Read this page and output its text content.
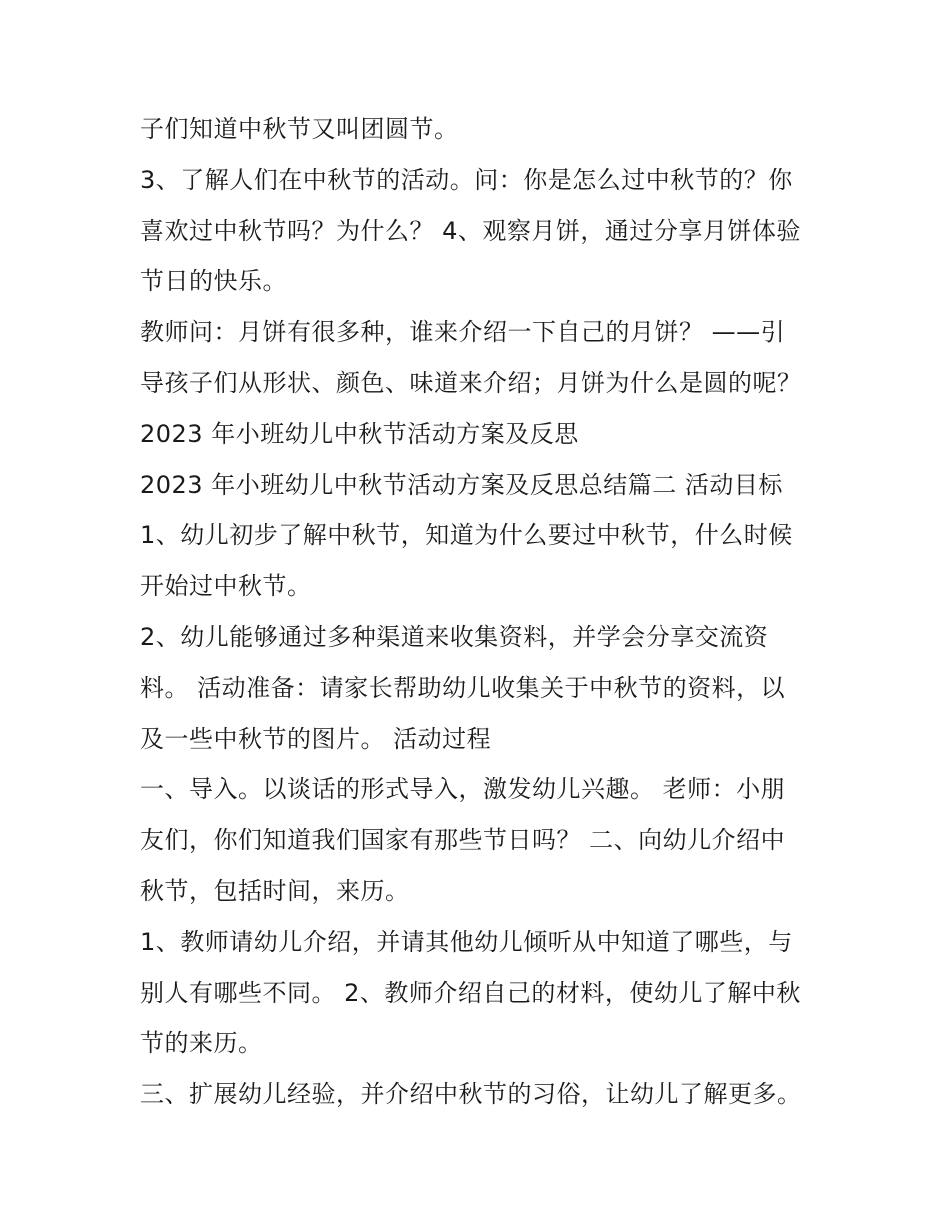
子们知道中秋节又叫团圆节。
3、了解人们在中秋节的活动。问：你是怎么过中秋节的？你
喜欢过中秋节吗？为什么？ 4、观察月饼，通过分享月饼体验
节日的快乐。
教师问：月饼有很多种，谁来介绍一下自己的月饼？ ——引
导孩子们从形状、颜色、味道来介绍；月饼为什么是圆的呢？
2023 年小班幼儿中秋节活动方案及反思
2023 年小班幼儿中秋节活动方案及反思总结篇二 活动目标
1、幼儿初步了解中秋节，知道为什么要过中秋节，什么时候
开始过中秋节。
2、幼儿能够通过多种渠道来收集资料，并学会分享交流资
料。 活动准备：请家长帮助幼儿收集关于中秋节的资料，以
及一些中秋节的图片。 活动过程
一、导入。以谈话的形式导入，激发幼儿兴趣。 老师：小朋
友们，你们知道我们国家有那些节日吗？ 二、向幼儿介绍中
秋节，包括时间，来历。
1、教师请幼儿介绍，并请其他幼儿倾听从中知道了哪些，与
别人有哪些不同。 2、教师介绍自己的材料，使幼儿了解中秋
节的来历。
三、扩展幼儿经验，并介绍中秋节的习俗，让幼儿了解更多。
